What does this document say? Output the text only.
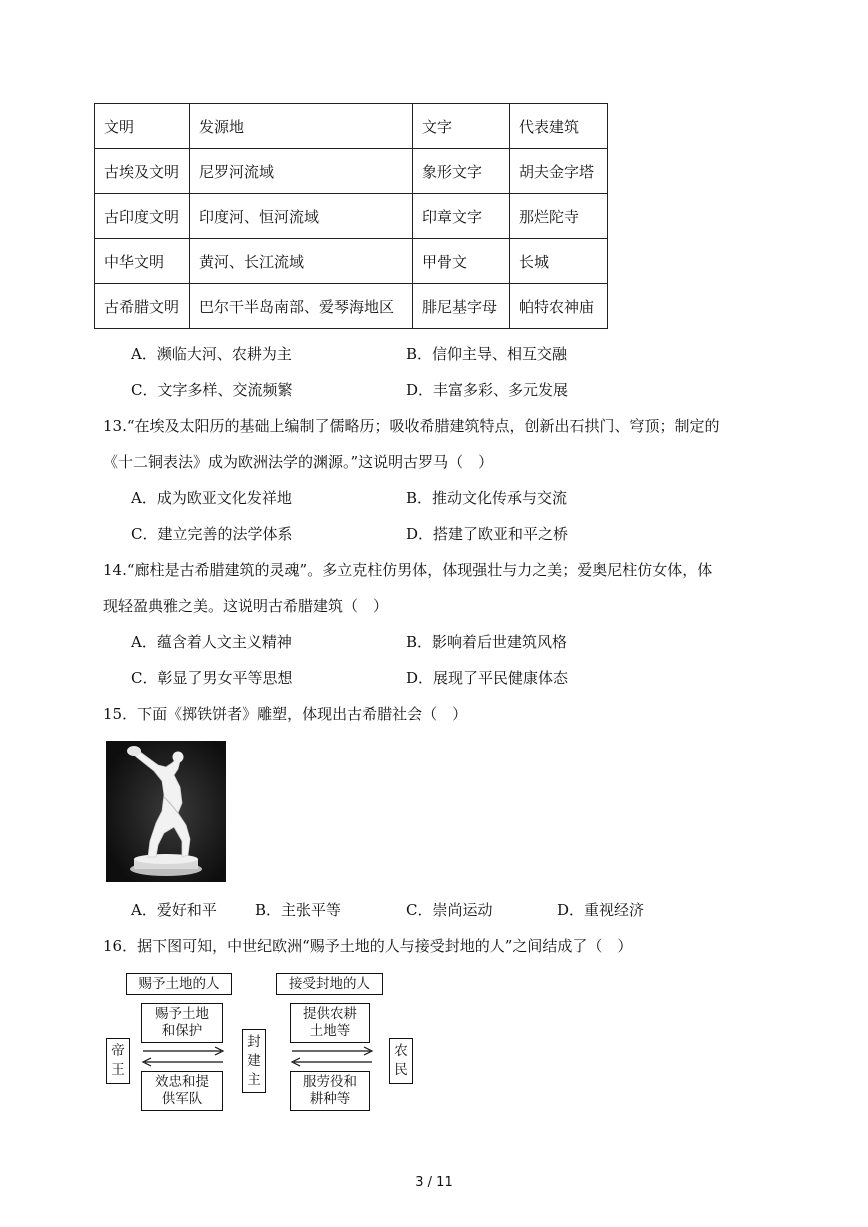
文明	发源地	文字	代表建筑
古埃及文明	尼罗河流域	象形文字	胡夫金字塔
古印度文明	印度河、恒河流域	印章文字	那烂陀寺
中华文明	黄河、长江流域	甲骨文	长城
古希腊文明	巴尔干半岛南部、爱琴海地区	腓尼基字母	帕特农神庙
A．濒临大河、农耕为主	B．信仰主导、相互交融
C．文字多样、交流频繁	D．丰富多彩、多元发展
13.“在埃及太阳历的基础上编制了儒略历；吸收希腊建筑特点，创新出石拱门、穹顶；制定的
《十二铜表法》成为欧洲法学的渊源。”这说明古罗马（　）
A．成为欧亚文化发祥地	B．推动文化传承与交流
C．建立完善的法学体系	D．搭建了欧亚和平之桥
14.“廊柱是古希腊建筑的灵魂”。多立克柱仿男体，体现强壮与力之美；爱奥尼柱仿女体，体
现轻盈典雅之美。这说明古希腊建筑（　）
A．蕴含着人文主义精神	B．影响着后世建筑风格
C．彰显了男女平等思想	D．展现了平民健康体态
15．下面《掷铁饼者》雕塑，体现出古希腊社会（　）
A．爱好和平	B．主张平等	C．崇尚运动	D．重视经济
16．据下图可知，中世纪欧洲“赐予土地的人与接受封地的人”之间结成了（　）
赐予土地的人	接受封地的人
赐予土地
和保护
效忠和提
供军队
提供农耕
土地等
服劳役和
耕种等
帝
王
封
建
主
农
民
3 / 11
